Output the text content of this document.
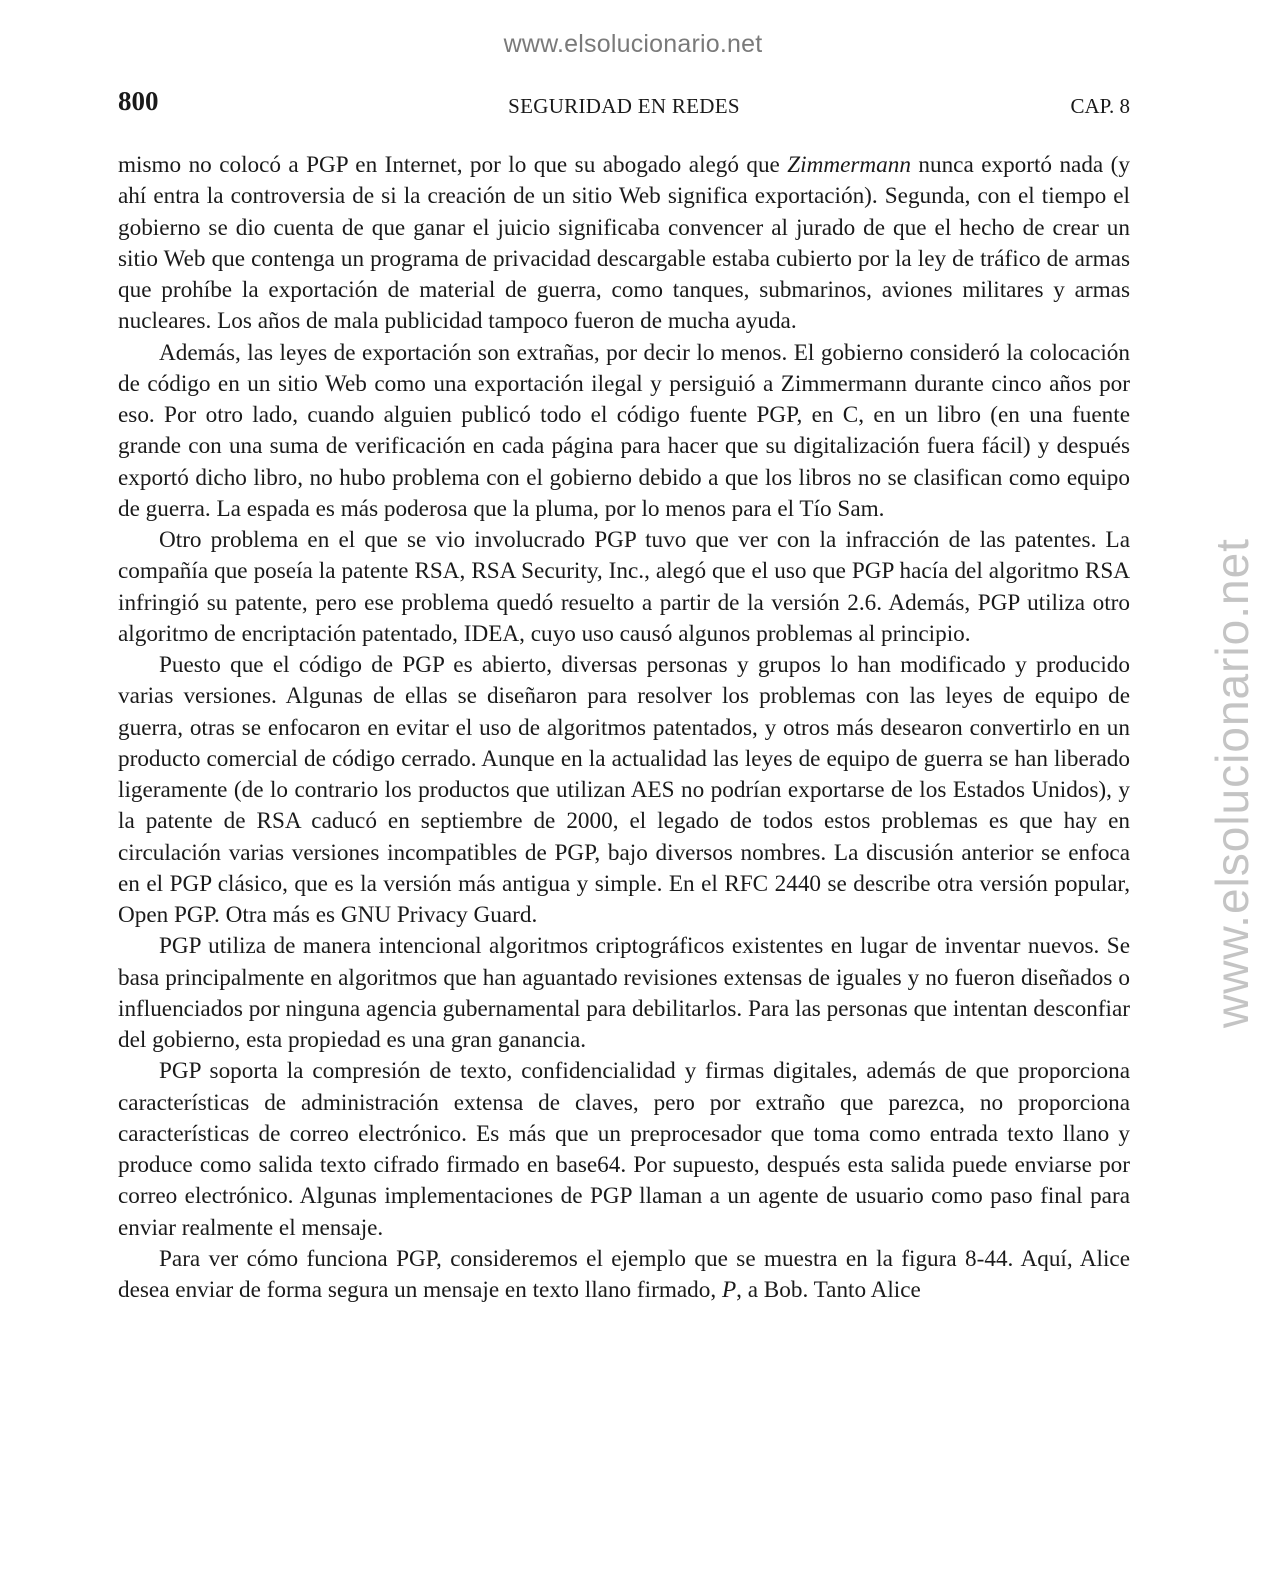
www.elsolucionario.net
www.elsolucionario.net
800	SEGURIDAD EN REDES	CAP. 8

mismo no colocó a PGP en Internet, por lo que su abogado alegó que Zimmermann nunca exportó nada (y ahí entra la controversia de si la creación de un sitio Web significa exportación). Segunda, con el tiempo el gobierno se dio cuenta de que ganar el juicio significaba convencer al jurado de que el hecho de crear un sitio Web que contenga un programa de privacidad descargable estaba cubierto por la ley de tráfico de armas que prohíbe la exportación de material de guerra, como tanques, submarinos, aviones militares y armas nucleares. Los años de mala publicidad tampoco fueron de mucha ayuda.

Además, las leyes de exportación son extrañas, por decir lo menos. El gobierno consideró la colocación de código en un sitio Web como una exportación ilegal y persiguió a Zimmermann durante cinco años por eso. Por otro lado, cuando alguien publicó todo el código fuente PGP, en C, en un libro (en una fuente grande con una suma de verificación en cada página para hacer que su digitalización fuera fácil) y después exportó dicho libro, no hubo problema con el gobierno debido a que los libros no se clasifican como equipo de guerra. La espada es más poderosa que la pluma, por lo menos para el Tío Sam.

Otro problema en el que se vio involucrado PGP tuvo que ver con la infracción de las patentes. La compañía que poseía la patente RSA, RSA Security, Inc., alegó que el uso que PGP hacía del algoritmo RSA infringió su patente, pero ese problema quedó resuelto a partir de la versión 2.6. Además, PGP utiliza otro algoritmo de encriptación patentado, IDEA, cuyo uso causó algunos problemas al principio.

Puesto que el código de PGP es abierto, diversas personas y grupos lo han modificado y producido varias versiones. Algunas de ellas se diseñaron para resolver los problemas con las leyes de equipo de guerra, otras se enfocaron en evitar el uso de algoritmos patentados, y otros más desearon convertirlo en un producto comercial de código cerrado. Aunque en la actualidad las leyes de equipo de guerra se han liberado ligeramente (de lo contrario los productos que utilizan AES no podrían exportarse de los Estados Unidos), y la patente de RSA caducó en septiembre de 2000, el legado de todos estos problemas es que hay en circulación varias versiones incompatibles de PGP, bajo diversos nombres. La discusión anterior se enfoca en el PGP clásico, que es la versión más antigua y simple. En el RFC 2440 se describe otra versión popular, Open PGP. Otra más es GNU Privacy Guard.

PGP utiliza de manera intencional algoritmos criptográficos existentes en lugar de inventar nuevos. Se basa principalmente en algoritmos que han aguantado revisiones extensas de iguales y no fueron diseñados o influenciados por ninguna agencia gubernamental para debilitarlos. Para las personas que intentan desconfiar del gobierno, esta propiedad es una gran ganancia.

PGP soporta la compresión de texto, confidencialidad y firmas digitales, además de que proporciona características de administración extensa de claves, pero por extraño que parezca, no proporciona características de correo electrónico. Es más que un preprocesador que toma como entrada texto llano y produce como salida texto cifrado firmado en base64. Por supuesto, después esta salida puede enviarse por correo electrónico. Algunas implementaciones de PGP llaman a un agente de usuario como paso final para enviar realmente el mensaje.

Para ver cómo funciona PGP, consideremos el ejemplo que se muestra en la figura 8-44. Aquí, Alice desea enviar de forma segura un mensaje en texto llano firmado, P, a Bob. Tanto Alice
